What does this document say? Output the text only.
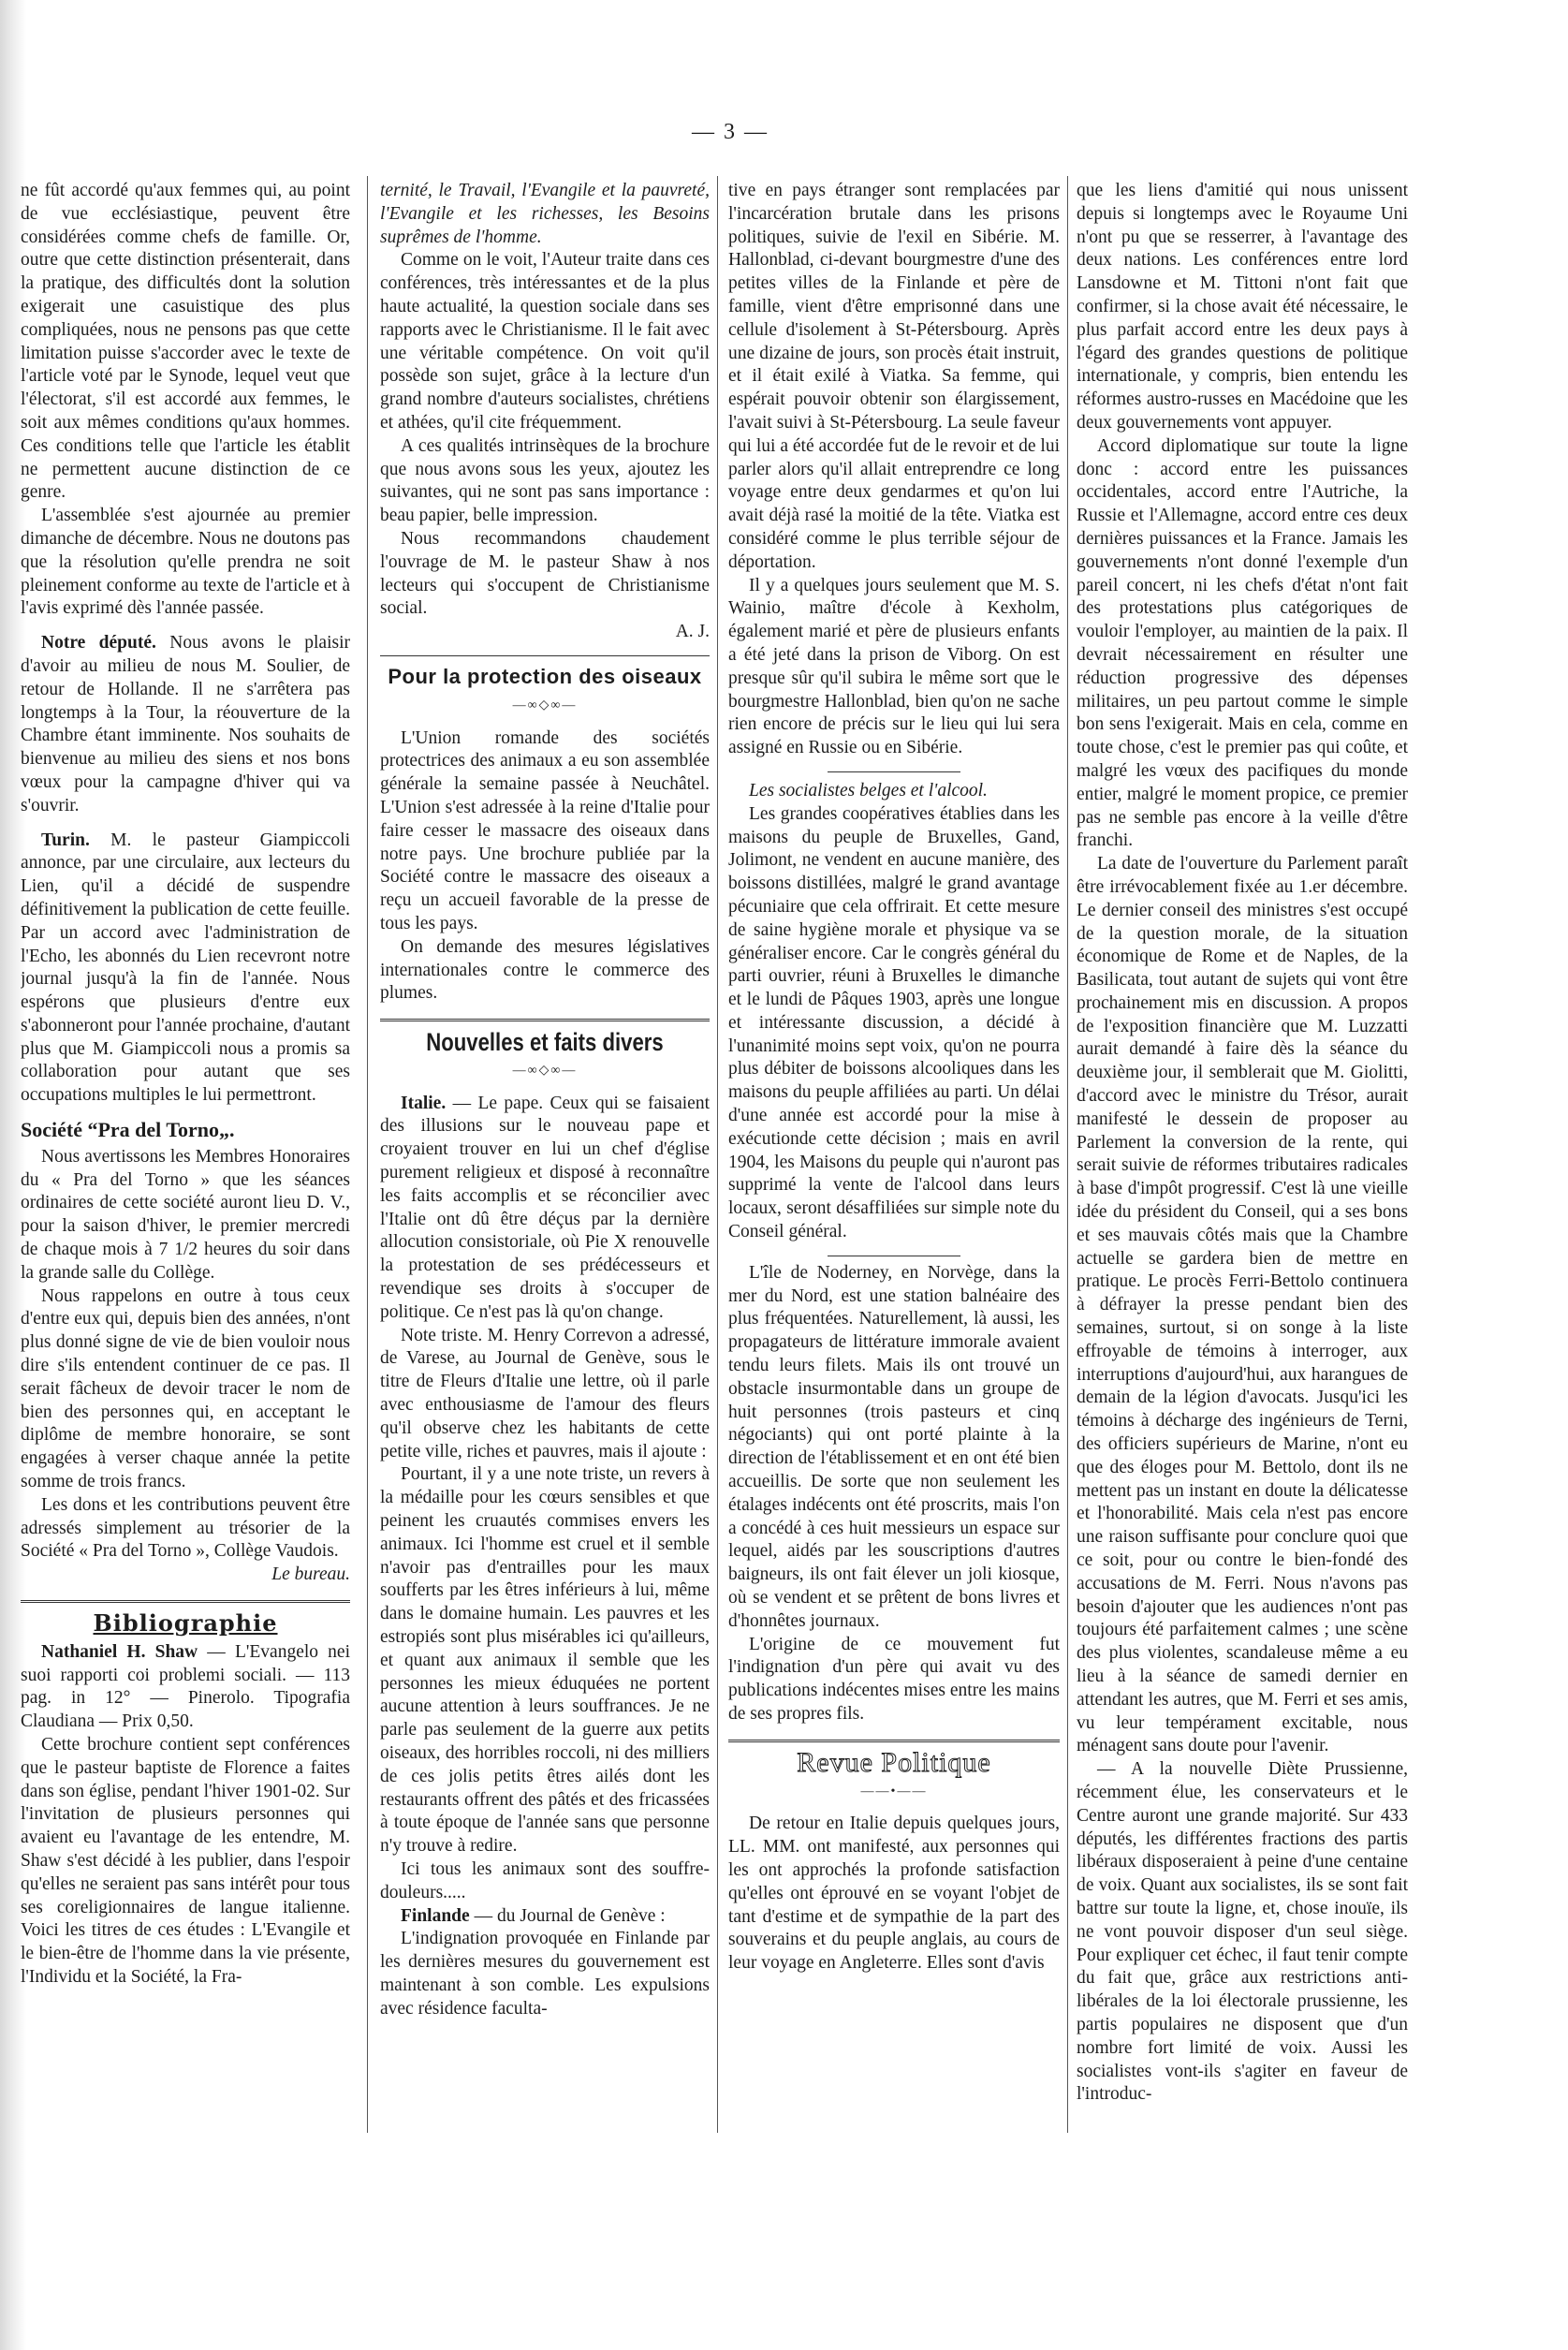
— 3 —

ne fût accordé qu'aux femmes qui, au point de vue ecclésiastique, peuvent être considérées comme chefs de famille. Or, outre que cette distinction présenterait, dans la pratique, des difficultés dont la solution exigerait une casuistique des plus compliquées, nous ne pensons pas que cette limitation puisse s'accorder avec le texte de l'article voté par le Synode, lequel veut que l'électorat, s'il est accordé aux femmes, le soit aux mêmes conditions qu'aux hommes. Ces conditions telle que l'article les établit ne permettent aucune distinction de ce genre.

L'assemblée s'est ajournée au premier dimanche de décembre. Nous ne doutons pas que la résolution qu'elle prendra ne soit pleinement conforme au texte de l'article et à l'avis exprimé dès l'année passée.

Notre député. Nous avons le plaisir d'avoir au milieu de nous M. Soulier, de retour de Hollande. Il ne s'arrêtera pas longtemps à la Tour, la réouverture de la Chambre étant imminente. Nos souhaits de bienvenue au milieu des siens et nos bons vœux pour la campagne d'hiver qui va s'ouvrir.

Turin. M. le pasteur Giampiccoli annonce, par une circulaire, aux lecteurs du Lien, qu'il a décidé de suspendre définitivement la publication de cette feuille. Par un accord avec l'administration de l'Echo, les abonnés du Lien recevront notre journal jusqu'à la fin de l'année. Nous espérons que plusieurs d'entre eux s'abonneront pour l'année prochaine, d'autant plus que M. Giampiccoli nous a promis sa collaboration pour autant que ses occupations multiples le lui permettront.

Société “Pra del Torno„.

Nous avertissons les Membres Honoraires du « Pra del Torno » que les séances ordinaires de cette société auront lieu D. V., pour la saison d'hiver, le premier mercredi de chaque mois à 7 1/2 heures du soir dans la grande salle du Collège.

Nous rappelons en outre à tous ceux d'entre eux qui, depuis bien des années, n'ont plus donné signe de vie de bien vouloir nous dire s'ils entendent continuer de ce pas. Il serait fâcheux de devoir tracer le nom de bien des personnes qui, en acceptant le diplôme de membre honoraire, se sont engagées à verser chaque année la petite somme de trois francs.

Les dons et les contributions peuvent être adressés simplement au trésorier de la Société « Pra del Torno », Collège Vaudois.

Le bureau.

Bibliographie

Nathaniel H. Shaw — L'Evangelo nei suoi rapporti coi problemi sociali. — 113 pag. in 12° — Pinerolo. Tipografia Claudiana — Prix 0,50.

Cette brochure contient sept conférences que le pasteur baptiste de Florence a faites dans son église, pendant l'hiver 1901-02. Sur l'invitation de plusieurs personnes qui avaient eu l'avantage de les entendre, M. Shaw s'est décidé à les publier, dans l'espoir qu'elles ne seraient pas sans intérêt pour tous ses coreligionnaires de langue italienne. Voici les titres de ces études : L'Evangile et le bien-être de l'homme dans la vie présente, l'Individu et la Société, la Fra-

ternité, le Travail, l'Evangile et la pauvreté, l'Evangile et les richesses, les Besoins suprêmes de l'homme.

Comme on le voit, l'Auteur traite dans ces conférences, très intéressantes et de la plus haute actualité, la question sociale dans ses rapports avec le Christianisme. Il le fait avec une véritable compétence. On voit qu'il possède son sujet, grâce à la lecture d'un grand nombre d'auteurs socialistes, chrétiens et athées, qu'il cite fréquemment.

A ces qualités intrinsèques de la brochure que nous avons sous les yeux, ajoutez les suivantes, qui ne sont pas sans importance : beau papier, belle impression.

Nous recommandons chaudement l'ouvrage de M. le pasteur Shaw à nos lecteurs qui s'occupent de Christianisme social.

A. J.

Pour la protection des oiseaux

—∞◇∞—

L'Union romande des sociétés protectrices des animaux a eu son assemblée générale la semaine passée à Neuchâtel. L'Union s'est adressée à la reine d'Italie pour faire cesser le massacre des oiseaux dans notre pays. Une brochure publiée par la Société contre le massacre des oiseaux a reçu un accueil favorable de la presse de tous les pays.

On demande des mesures législatives internationales contre le commerce des plumes.

Nouvelles et faits divers

—∞◇∞—

Italie. — Le pape. Ceux qui se faisaient des illusions sur le nouveau pape et croyaient trouver en lui un chef d'église purement religieux et disposé à reconnaître les faits accomplis et se réconcilier avec l'Italie ont dû être déçus par la dernière allocution consistoriale, où Pie X renouvelle la protestation de ses prédécesseurs et revendique ses droits à s'occuper de politique. Ce n'est pas là qu'on change.

Note triste. M. Henry Correvon a adressé, de Varese, au Journal de Genève, sous le titre de Fleurs d'Italie une lettre, où il parle avec enthousiasme de l'amour des fleurs qu'il observe chez les habitants de cette petite ville, riches et pauvres, mais il ajoute :

Pourtant, il y a une note triste, un revers à la médaille pour les cœurs sensibles et que peinent les cruautés commises envers les animaux. Ici l'homme est cruel et il semble n'avoir pas d'entrailles pour les maux soufferts par les êtres inférieurs à lui, même dans le domaine humain. Les pauvres et les estropiés sont plus misérables ici qu'ailleurs, et quant aux animaux il semble que les personnes les mieux éduquées ne portent aucune attention à leurs souffrances. Je ne parle pas seulement de la guerre aux petits oiseaux, des horribles roccoli, ni des milliers de ces jolis petits êtres ailés dont les restaurants offrent des pâtés et des fricassées à toute époque de l'année sans que personne n'y trouve à redire.

Ici tous les animaux sont des souffre-douleurs.....

Finlande — du Journal de Genève :

L'indignation provoquée en Finlande par les dernières mesures du gouvernement est maintenant à son comble. Les expulsions avec résidence faculta-

tive en pays étranger sont remplacées par l'incarcération brutale dans les prisons politiques, suivie de l'exil en Sibérie. M. Hallonblad, ci-devant bourgmestre d'une des petites villes de la Finlande et père de famille, vient d'être emprisonné dans une cellule d'isolement à St-Pétersbourg. Après une dizaine de jours, son procès était instruit, et il était exilé à Viatka. Sa femme, qui espérait pouvoir obtenir son élargissement, l'avait suivi à St-Pétersbourg. La seule faveur qui lui a été accordée fut de le revoir et de lui parler alors qu'il allait entreprendre ce long voyage entre deux gendarmes et qu'on lui avait déjà rasé la moitié de la tête. Viatka est considéré comme le plus terrible séjour de déportation.

Il y a quelques jours seulement que M. S. Wainio, maître d'école à Kexholm, également marié et père de plusieurs enfants a été jeté dans la prison de Viborg. On est presque sûr qu'il subira le même sort que le bourgmestre Hallonblad, bien qu'on ne sache rien encore de précis sur le lieu qui lui sera assigné en Russie ou en Sibérie.

Les socialistes belges et l'alcool.

Les grandes coopératives établies dans les maisons du peuple de Bruxelles, Gand, Jolimont, ne vendent en aucune manière, des boissons distillées, malgré le grand avantage pécuniaire que cela offrirait. Et cette mesure de saine hygiène morale et physique va se généraliser encore. Car le congrès général du parti ouvrier, réuni à Bruxelles le dimanche et le lundi de Pâques 1903, après une longue et intéressante discussion, a décidé à l'unanimité moins sept voix, qu'on ne pourra plus débiter de boissons alcooliques dans les maisons du peuple affiliées au parti. Un délai d'une année est accordé pour la mise à exécutionde cette décision ; mais en avril 1904, les Maisons du peuple qui n'auront pas supprimé la vente de l'alcool dans leurs locaux, seront désaffiliées sur simple note du Conseil général.

L'île de Noderney, en Norvège, dans la mer du Nord, est une station balnéaire des plus fréquentées. Naturellement, là aussi, les propagateurs de littérature immorale avaient tendu leurs filets. Mais ils ont trouvé un obstacle insurmontable dans un groupe de huit personnes (trois pasteurs et cinq négociants) qui ont porté plainte à la direction de l'établissement et en ont été bien accueillis. De sorte que non seulement les étalages indécents ont été proscrits, mais l'on a concédé à ces huit messieurs un espace sur lequel, aidés par les souscriptions d'autres baigneurs, ils ont fait élever un joli kiosque, où se vendent et se prêtent de bons livres et d'honnêtes journaux.

L'origine de ce mouvement fut l'indignation d'un père qui avait vu des publications indécentes mises entre les mains de ses propres fils.

Revue Politique

——•——

De retour en Italie depuis quelques jours, LL. MM. ont manifesté, aux personnes qui les ont approchés la profonde satisfaction qu'elles ont éprouvé en se voyant l'objet de tant d'estime et de sympathie de la part des souverains et du peuple anglais, au cours de leur voyage en Angleterre. Elles sont d'avis

que les liens d'amitié qui nous unissent depuis si longtemps avec le Royaume Uni n'ont pu que se resserrer, à l'avantage des deux nations. Les conférences entre lord Lansdowne et M. Tittoni n'ont fait que confirmer, si la chose avait été nécessaire, le plus parfait accord entre les deux pays à l'égard des grandes questions de politique internationale, y compris, bien entendu les réformes austro-russes en Macédoine que les deux gouvernements vont appuyer.

Accord diplomatique sur toute la ligne donc : accord entre les puissances occidentales, accord entre l'Autriche, la Russie et l'Allemagne, accord entre ces deux dernières puissances et la France. Jamais les gouvernements n'ont donné l'exemple d'un pareil concert, ni les chefs d'état n'ont fait des protestations plus catégoriques de vouloir l'employer, au maintien de la paix. Il devrait nécessairement en résulter une réduction progressive des dépenses militaires, un peu partout comme le simple bon sens l'exigerait. Mais en cela, comme en toute chose, c'est le premier pas qui coûte, et malgré les vœux des pacifiques du monde entier, malgré le moment propice, ce premier pas ne semble pas encore à la veille d'être franchi.

La date de l'ouverture du Parlement paraît être irrévocablement fixée au 1.er décembre. Le dernier conseil des ministres s'est occupé de la question morale, de la situation économique de Rome et de Naples, de la Basilicata, tout autant de sujets qui vont être prochainement mis en discussion. A propos de l'exposition financière que M. Luzzatti aurait demandé à faire dès la séance du deuxième jour, il semblerait que M. Giolitti, d'accord avec le ministre du Trésor, aurait manifesté le dessein de proposer au Parlement la conversion de la rente, qui serait suivie de réformes tributaires radicales à base d'impôt progressif. C'est là une vieille idée du président du Conseil, qui a ses bons et ses mauvais côtés mais que la Chambre actuelle se gardera bien de mettre en pratique. Le procès Ferri-Bettolo continuera à défrayer la presse pendant bien des semaines, surtout, si on songe à la liste effroyable de témoins à interroger, aux interruptions d'aujourd'hui, aux harangues de demain de la légion d'avocats. Jusqu'ici les témoins à décharge des ingénieurs de Terni, des officiers supérieurs de Marine, n'ont eu que des éloges pour M. Bettolo, dont ils ne mettent pas un instant en doute la délicatesse et l'honorabilité. Mais cela n'est pas encore une raison suffisante pour conclure quoi que ce soit, pour ou contre le bien-fondé des accusations de M. Ferri. Nous n'avons pas besoin d'ajouter que les audiences n'ont pas toujours été parfaitement calmes ; une scène des plus violentes, scandaleuse même a eu lieu à la séance de samedi dernier en attendant les autres, que M. Ferri et ses amis, vu leur tempérament excitable, nous ménagent sans doute pour l'avenir.

— A la nouvelle Diète Prussienne, récemment élue, les conservateurs et le Centre auront une grande majorité. Sur 433 députés, les différentes fractions des partis libéraux disposeraient à peine d'une centaine de voix. Quant aux socialistes, ils se sont fait battre sur toute la ligne, et, chose inouïe, ils ne vont pouvoir disposer d'un seul siège. Pour expliquer cet échec, il faut tenir compte du fait que, grâce aux restrictions anti-libérales de la loi électorale prussienne, les partis populaires ne disposent que d'un nombre fort limité de voix. Aussi les socialistes vont-ils s'agiter en faveur de l'introduc-
